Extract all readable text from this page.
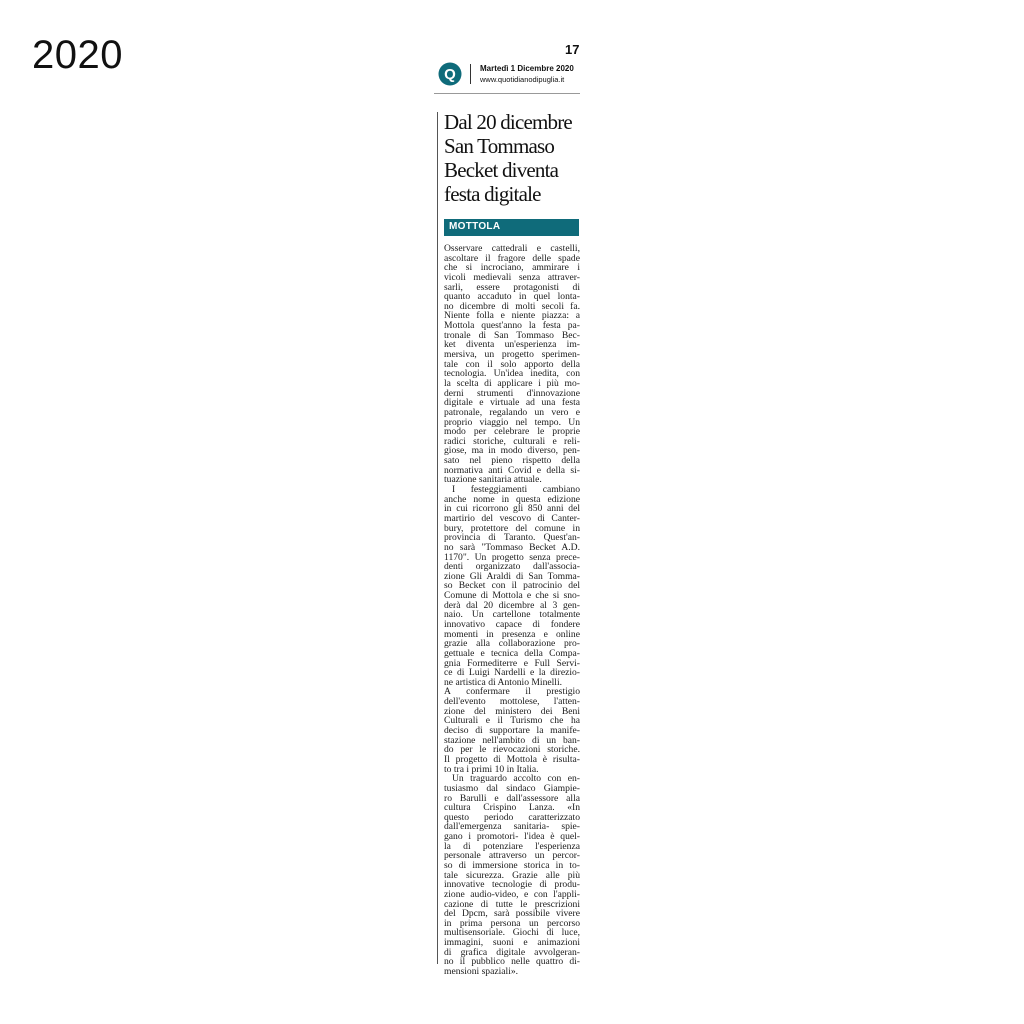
2020	17
Q	Martedì 1 Dicembre 2020
www.quotidianodipuglia.it
Dal 20 dicembre
San Tommaso
Becket diventa
festa digitale
MOTTOLA
Osservare cattedrali e castelli,
ascoltare il fragore delle spade
che si incrociano, ammirare i
vicoli medievali senza attraver-
sarli, essere protagonisti di
quanto accaduto in quel lonta-
no dicembre di molti secoli fa.
Niente folla e niente piazza: a
Mottola quest'anno la festa pa-
tronale di San Tommaso Bec-
ket diventa un'esperienza im-
mersiva, un progetto sperimen-
tale con il solo apporto della
tecnologia. Un'idea inedita, con
la scelta di applicare i più mo-
derni strumenti d'innovazione
digitale e virtuale ad una festa
patronale, regalando un vero e
proprio viaggio nel tempo. Un
modo per celebrare le proprie
radici storiche, culturali e reli-
giose, ma in modo diverso, pen-
sato nel pieno rispetto della
normativa anti Covid e della si-
tuazione sanitaria attuale.
I festeggiamenti cambiano
anche nome in questa edizione
in cui ricorrono gli 850 anni del
martirio del vescovo di Canter-
bury, protettore del comune in
provincia di Taranto. Quest'an-
no sarà "Tommaso Becket A.D.
1170". Un progetto senza prece-
denti organizzato dall'associa-
zione Gli Araldi di San Tomma-
so Becket con il patrocinio del
Comune di Mottola e che si sno-
derà dal 20 dicembre al 3 gen-
naio. Un cartellone totalmente
innovativo capace di fondere
momenti in presenza e online
grazie alla collaborazione pro-
gettuale e tecnica della Compa-
gnia Formediterre e Full Servi-
ce di Luigi Nardelli e la direzio-
ne artistica di Antonio Minelli.
A confermare il prestigio
dell'evento mottolese, l'atten-
zione del ministero dei Beni
Culturali e il Turismo che ha
deciso di supportare la manife-
stazione nell'ambito di un ban-
do per le rievocazioni storiche.
Il progetto di Mottola è risulta-
to tra i primi 10 in Italia.
Un traguardo accolto con en-
tusiasmo dal sindaco Giampie-
ro Barulli e dall'assessore alla
cultura Crispino Lanza. «In
questo periodo caratterizzato
dall'emergenza sanitaria- spie-
gano i promotori- l'idea è quel-
la di potenziare l'esperienza
personale attraverso un percor-
so di immersione storica in to-
tale sicurezza. Grazie alle più
innovative tecnologie di produ-
zione audio-video, e con l'appli-
cazione di tutte le prescrizioni
del Dpcm, sarà possibile vivere
in prima persona un percorso
multisensoriale. Giochi di luce,
immagini, suoni e animazioni
di grafica digitale avvolgeran-
no il pubblico nelle quattro di-
mensioni spaziali».
